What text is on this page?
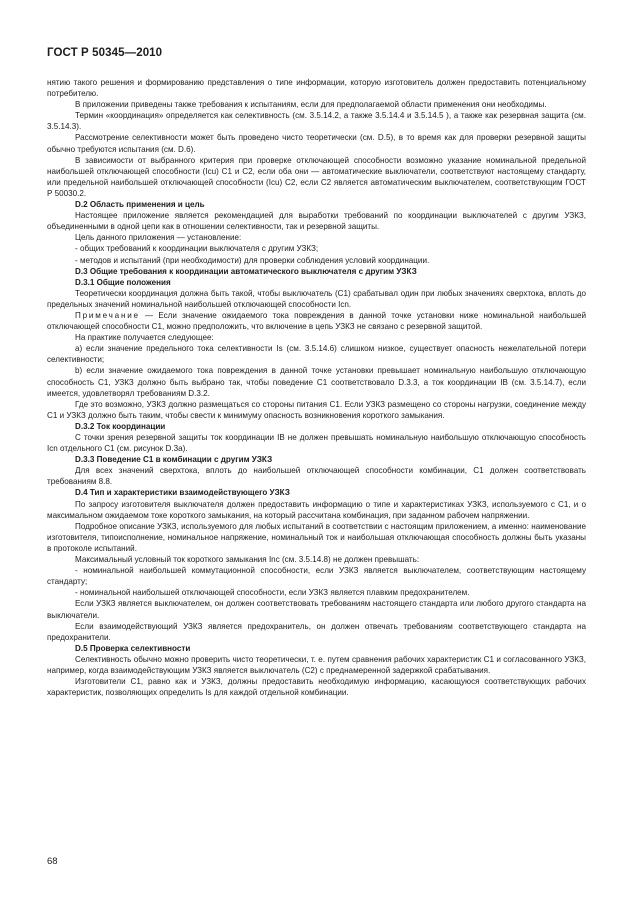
ГОСТ Р 50345—2010

нятию такого решения и формированию представления о типе информации, которую изготовитель должен предоставить потенциальному потребителю.

В приложении приведены также требования к испытаниям, если для предполагаемой области применения они необходимы.

Термин «координация» определяется как селективность (см. 3.5.14.2, а также 3.5.14.4 и 3.5.14.5 ), а также как резервная защита (см. 3.5.14.3).

Рассмотрение селективности может быть проведено чисто теоретически (см. D.5), в то время как для проверки резервной защиты обычно требуются испытания (см. D.6).

В зависимости от выбранного критерия при проверке отключающей способности возможно указание номинальной предельной наибольшей отключающей способности (Icu) C1 и C2, если оба они — автоматические выключатели, соответствуют настоящему стандарту, или предельной наибольшей отключающей способности (Icu) C2, если C2 является автоматическим выключателем, соответствующим ГОСТ Р 50030.2.

D.2 Область применения и цель

Настоящее приложение является рекомендацией для выработки требований по координации выключателей с другим УЗКЗ, объединенными в одной цепи как в отношении селективности, так и резервной защиты.

Цель данного приложения — установление:

- общих требований к координации выключателя с другим УЗКЗ;

- методов и испытаний (при необходимости) для проверки соблюдения условий координации.

D.3 Общие требования к координации автоматического выключателя с другим УЗКЗ

D.3.1 Общие положения

Теоретически координация должна быть такой, чтобы выключатель (C1) срабатывал один при любых значениях сверхтока, вплоть до предельных значений номинальной наибольшей отключающей способности Icn.

Примечание — Если значение ожидаемого тока повреждения в данной точке установки ниже номинальной наибольшей отключающей способности C1, можно предположить, что включение в цепь УЗКЗ не связано с резервной защитой.

На практике получается следующее:

а) если значение предельного тока селективности Is (см. 3.5.14.6) слишком низкое, существует опасность нежелательной потери селективности;

b) если значение ожидаемого тока повреждения в данной точке установки превышает номинальную наибольшую отключающую способность C1, УЗКЗ должно быть выбрано так, чтобы поведение C1 соответствовало D.3.3, а ток координации IB (см. 3.5.14.7), если имеется, удовлетворял требованиям D.3.2.

Где это возможно, УЗКЗ должно размещаться со стороны питания C1. Если УЗКЗ размещено со стороны нагрузки, соединение между C1 и УЗКЗ должно быть таким, чтобы свести к минимуму опасность возникновения короткого замыкания.

D.3.2 Ток координации

С точки зрения резервной защиты ток координации IB не должен превышать номинальную наибольшую отключающую способность Icn отдельного C1 (см. рисунок D.3а).

D.3.3 Поведение C1 в комбинации с другим УЗКЗ

Для всех значений сверхтока, вплоть до наибольшей отключающей способности комбинации, C1 должен соответствовать требованиям 8.8.

D.4 Тип и характеристики взаимодействующего УЗКЗ

По запросу изготовителя выключателя должен предоставить информацию о типе и характеристиках УЗКЗ, используемого с C1, и о максимальном ожидаемом токе короткого замыкания, на который рассчитана комбинация, при заданном рабочем напряжении.

Подробное описание УЗКЗ, используемого для любых испытаний в соответствии с настоящим приложением, а именно: наименование изготовителя, типоисполнение, номинальное напряжение, номинальный ток и наибольшая отключающая способность должны быть указаны в протоколе испытаний.

Максимальный условный ток короткого замыкания Inc (см. 3.5.14.8) не должен превышать:

- номинальной наибольшей коммутационной способности, если УЗКЗ является выключателем, соответствующим настоящему стандарту;

- номинальной наибольшей отключающей способности, если УЗКЗ является плавким предохранителем.

Если УЗКЗ является выключателем, он должен соответствовать требованиям настоящего стандарта или любого другого стандарта на выключатели.

Если взаимодействующий УЗКЗ является предохранитель, он должен отвечать требованиям соответствующего стандарта на предохранители.

D.5 Проверка селективности

Селективность обычно можно проверить чисто теоретически, т. е. путем сравнения рабочих характеристик C1 и согласованного УЗКЗ, например, когда взаимодействующим УЗКЗ является выключатель (C2) с преднамеренной задержкой срабатывания.

Изготовители C1, равно как и УЗКЗ, должны предоставить необходимую информацию, касающуюся соответствующих рабочих характеристик, позволяющих определить Is для каждой отдельной комбинации.

68
